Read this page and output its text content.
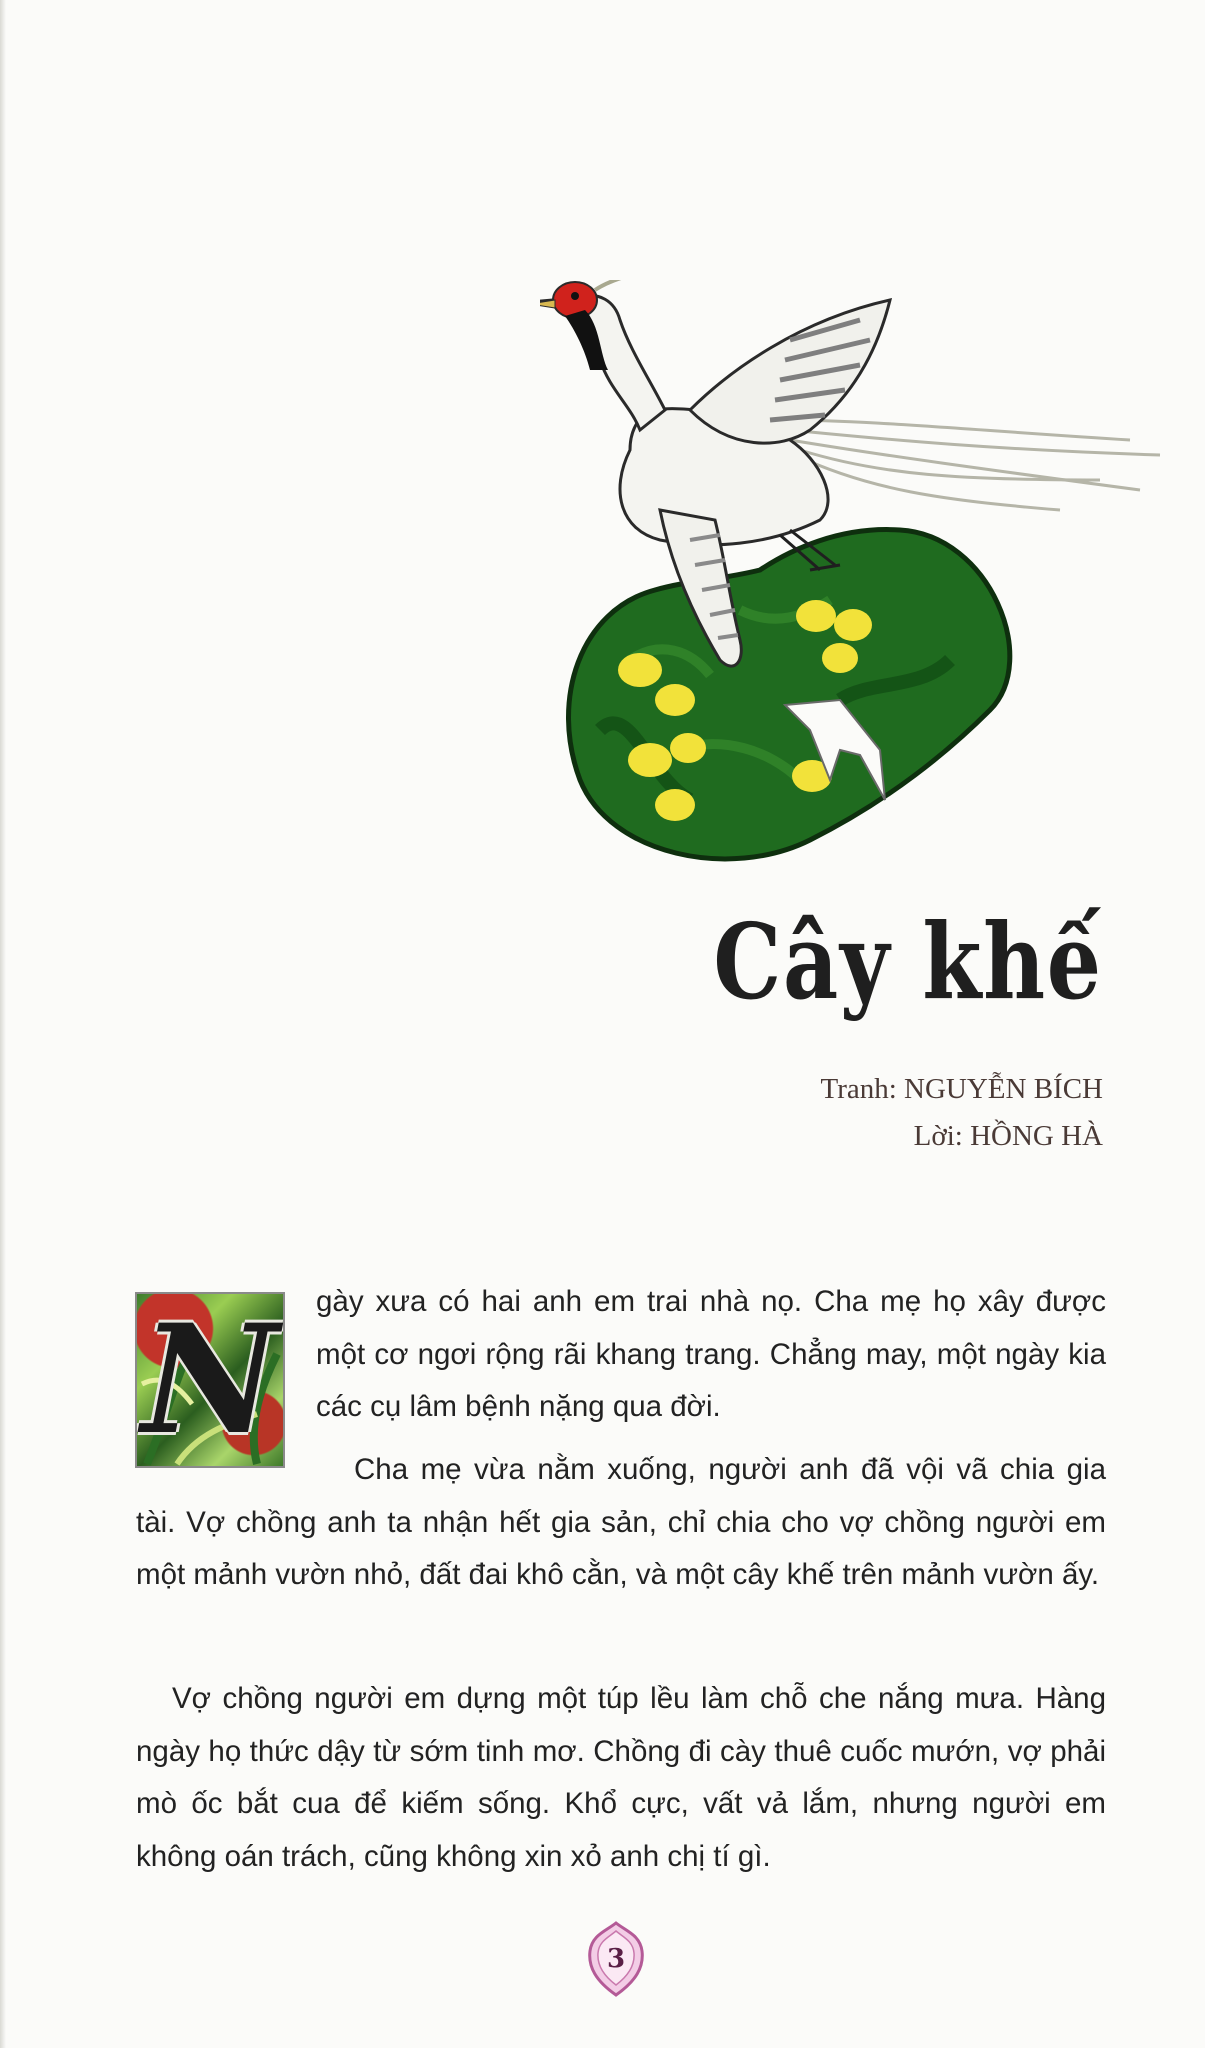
Cây khế
Tranh: NGUYỄN BÍCH
Lời: HỒNG HÀ
N gày xưa có hai anh em trai nhà nọ. Cha mẹ họ xây được một cơ ngơi rộng rãi khang trang. Chẳng may, một ngày kia các cụ lâm bệnh nặng qua đời.

Cha mẹ vừa nằm xuống, người anh đã vội vã chia gia tài. Vợ chồng anh ta nhận hết gia sản, chỉ chia cho vợ chồng người em một mảnh vườn nhỏ, đất đai khô cằn, và một cây khế trên mảnh vườn ấy.

Vợ chồng người em dựng một túp lều làm chỗ che nắng mưa. Hàng ngày họ thức dậy từ sớm tinh mơ. Chồng đi cày thuê cuốc mướn, vợ phải mò ốc bắt cua để kiếm sống. Khổ cực, vất vả lắm, nhưng người em không oán trách, cũng không xin xỏ anh chị tí gì.

3
